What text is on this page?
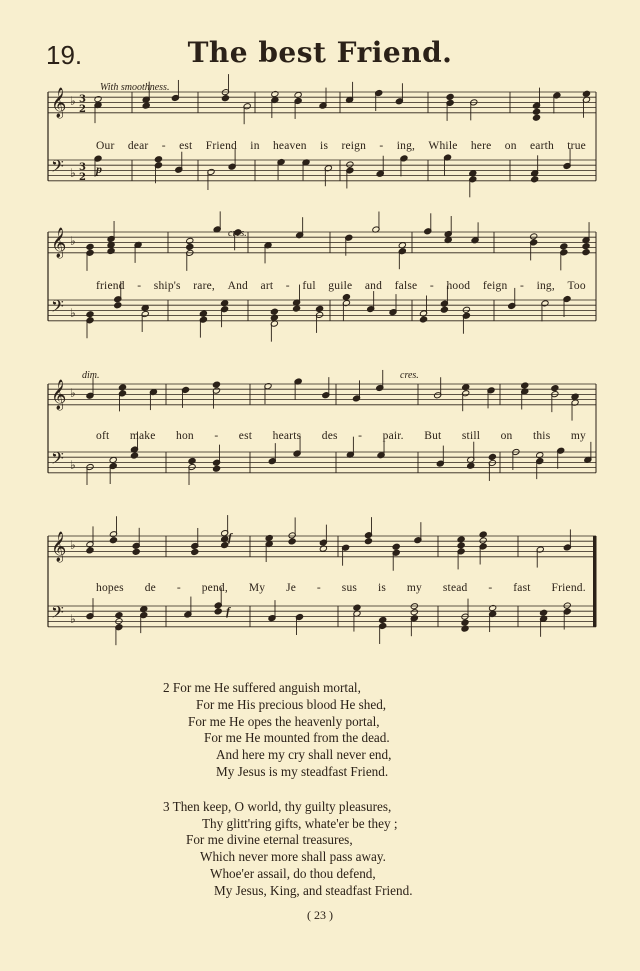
19.	The best Friend.
𝄞 ♭ 3
2
𝄢 ♭ 3
2
𝄞 ♭
𝄢 ♭
𝄞 ♭
𝄢 ♭
𝄞 ♭
𝄢 ♭
With smoothness.
p
cres.
dim.	cres.
f
f
Our dear - est Friend in heaven is reign - ing, While here on earth true
friend - ship's rare, And art - ful guile and false - hood feign - ing, Too
oft make hon - est hearts des - pair. But still on this my
hopes de - pend, My Je - sus is my stead - fast Friend.
2 For me He suffered anguish mortal,
For me His precious blood He shed,
For me He opes the heavenly portal,
For me He mounted from the dead.
And here my cry shall never end,
My Jesus is my steadfast Friend.
3 Then keep, O world, thy guilty pleasures,
Thy glitt'ring gifts, whate'er be they ;
For me divine eternal treasures,
Which never more shall pass away.
Whoe'er assail, do thou defend,
My Jesus, King, and steadfast Friend.
( 23 )
